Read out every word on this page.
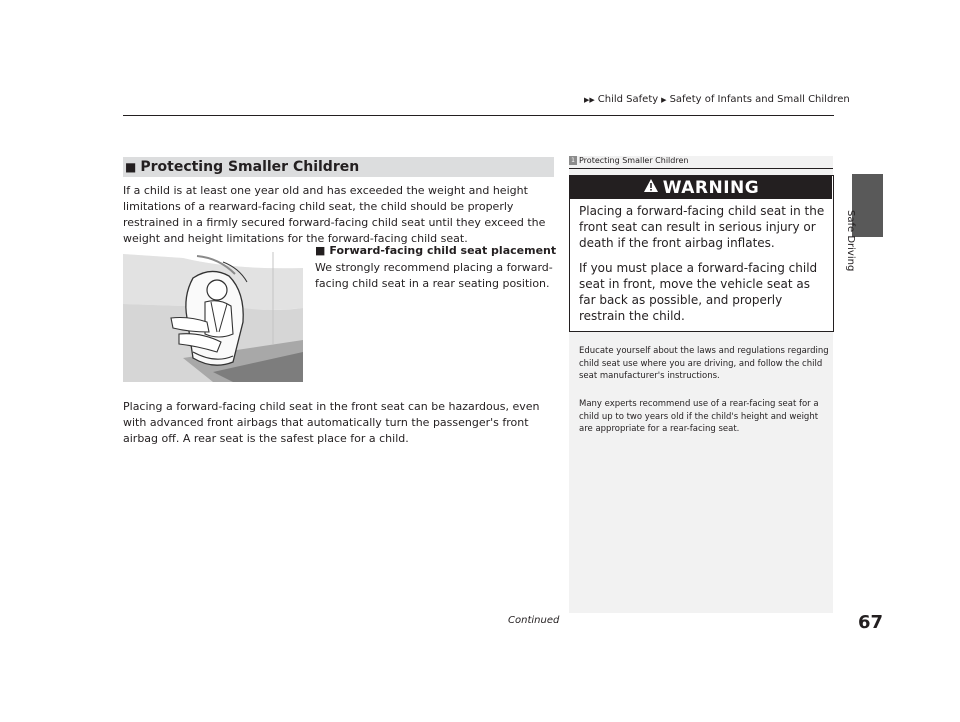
▶▶ Child Safety ▶ Safety of Infants and Small Children
Safe Driving
■ Protecting Smaller Children
If a child is at least one year old and has exceeded the weight and height limitations of a rearward-facing child seat, the child should be properly restrained in a firmly secured forward-facing child seat until they exceed the weight and height limitations for the forward-facing child seat.
■ Forward-facing child seat placement
We strongly recommend placing a forward-facing child seat in a rear seating position.
Placing a forward-facing child seat in the front seat can be hazardous, even with advanced front airbags that automatically turn the passenger's front airbag off. A rear seat is the safest place for a child.
1 Protecting Smaller Children
WARNING
Placing a forward-facing child seat in the front seat can result in serious injury or death if the front airbag inflates.
If you must place a forward-facing child seat in front, move the vehicle seat as far back as possible, and properly restrain the child.
Educate yourself about the laws and regulations regarding child seat use where you are driving, and follow the child seat manufacturer's instructions.
Many experts recommend use of a rear-facing seat for a child up to two years old if the child's height and weight are appropriate for a rear-facing seat.
Continued	67
